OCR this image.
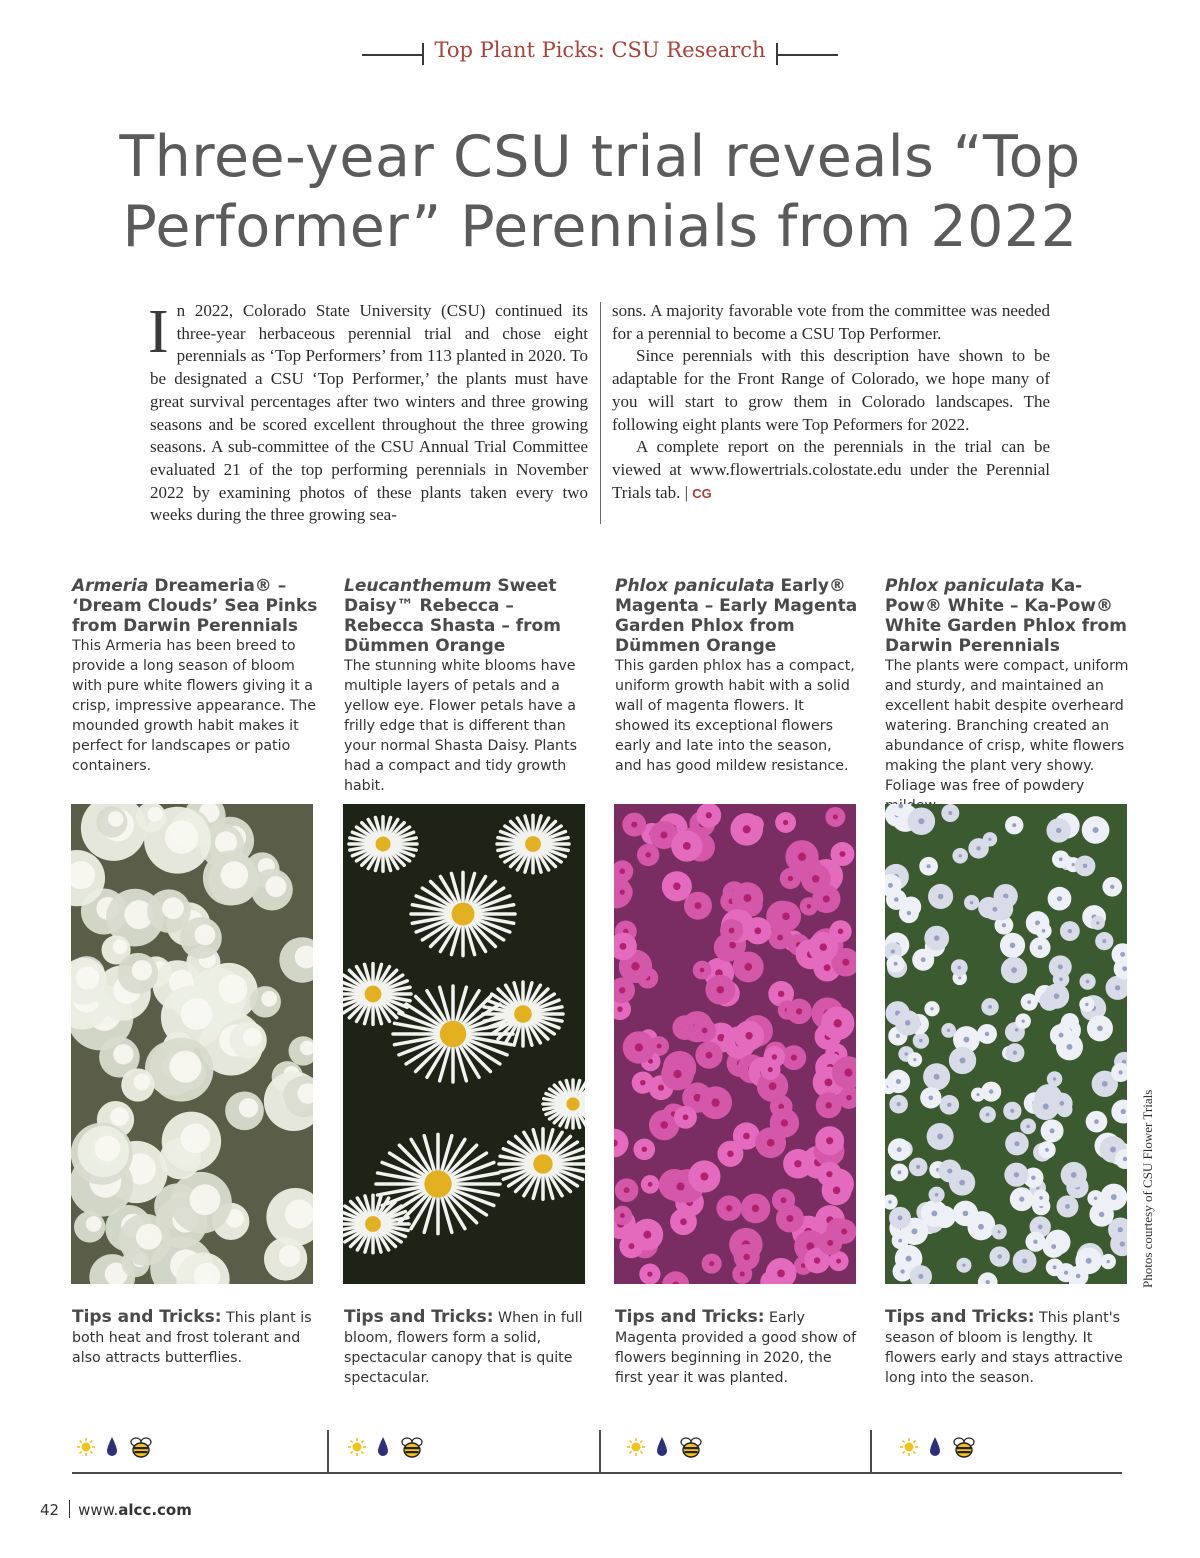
Top Plant Picks: CSU Research
Three-year CSU trial reveals “Top Performer” Perennials from 2022
I n 2022, Colorado State University (CSU) continued its three-year herbaceous perennial trial and chose eight perennials as ‘Top Performers’ from 113 planted in 2020. To be designated a CSU ‘Top Performer,’ the plants must have great survival percentages after two winters and three growing seasons and be scored excellent throughout the three growing seasons. A sub-committee of the CSU Annual Trial Committee evaluated 21 of the top performing perennials in November 2022 by examining photos of these plants taken every two weeks during the three growing sea-

sons. A majority favorable vote from the committee was needed for a perennial to become a CSU Top Performer.

Since perennials with this description have shown to be adaptable for the Front Range of Colorado, we hope many of you will start to grow them in Colorado landscapes. The following eight plants were Top Peformers for 2022.

A complete report on the perennials in the trial can be viewed at www.flowertrials.colostate.edu under the Perennial Trials tab. | CG

Armeria Dreameria® – ‘Dream Clouds’ Sea Pinks from Darwin Perennials

This Armeria has been breed to provide a long season of bloom with pure white flowers giving it a crisp, impressive appearance. The mounded growth habit makes it perfect for landscapes or patio containers.

Leucanthemum Sweet Daisy™ Rebecca – Rebecca Shasta – from Dümmen Orange

The stunning white blooms have multiple layers of petals and a yellow eye. Flower petals have a frilly edge that is different than your normal Shasta Daisy. Plants had a compact and tidy growth habit.

Phlox paniculata Early® Magenta – Early Magenta Garden Phlox from Dümmen Orange

This garden phlox has a compact, uniform growth habit with a solid wall of magenta flowers. It showed its exceptional flowers early and late into the season, and has good mildew resistance.

Phlox paniculata Ka-Pow® White – Ka-Pow® White Garden Phlox from Darwin Perennials

The plants were compact, uniform and sturdy, and maintained an excellent habit despite overheard watering. Branching created an abundance of crisp, white flowers making the plant very showy. Foliage was free of powdery

Photos courtesy of CSU Flower Trials
Tips and Tricks: This plant is both heat and frost tolerant and also attracts butterflies.
Tips and Tricks: When in full bloom, flowers form a solid, spectacular canopy that is quite spectacular.
Tips and Tricks: Early Magenta provided a good show of flowers beginning in 2020, the first year it was planted.
Tips and Tricks: This plant's season of bloom is lengthy. It flowers early and stays attractive long into the season.
42 www.alcc.com
